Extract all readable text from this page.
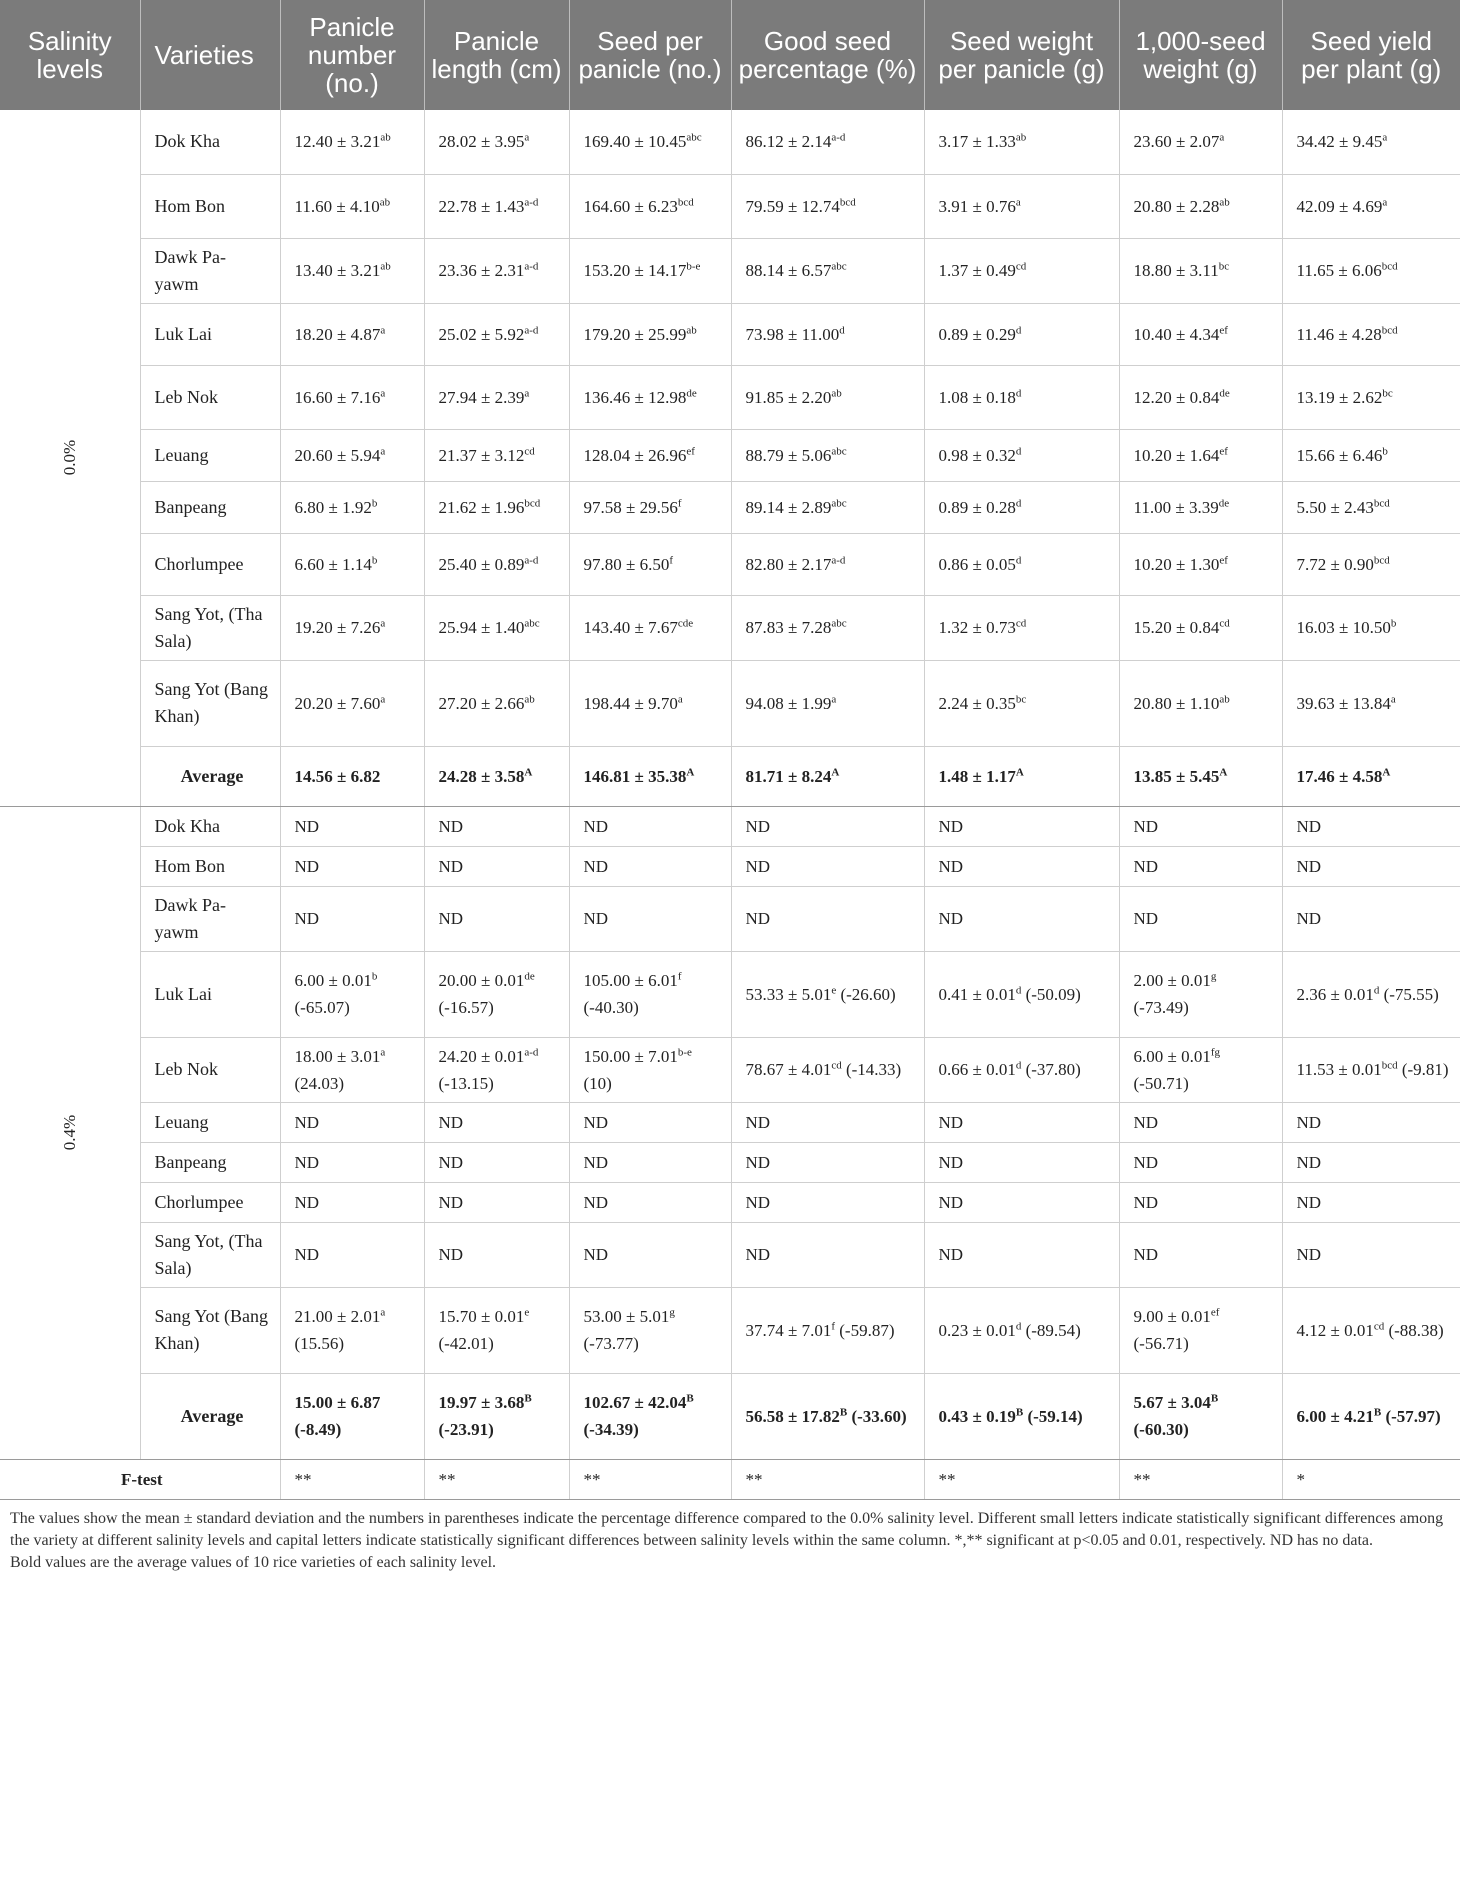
Salinity levels	Varieties	Panicle number (no.)	Panicle length (cm)	Seed per panicle (no.)	Good seed percentage (%)	Seed weight per panicle (g)	1,000-seed weight (g)	Seed yield per plant (g)
0.0%	Dok Kha	12.40 ± 3.21$^{ab}$	28.02 ± 3.95$^a$	169.40 ± 10.45$^{abc}$	$86.12 \pm 2.14^{a-d}$	3.17 ± 1.33$^{ab}$	23.60 ± 2.07$^a$	34.42 ± 9.45$^a$
	Hom Bon	11.60 ± 4.10$^{ab}$	$22.78 \pm 1.43^{a-d}$	164.60 ± 6.23$^{bcd}$	79.59 ± 12.74$^{bcd}$	3.91 ± 0.76$^a$	20.80 ± 2.28$^{ab}$	42.09 ± 4.69$^a$
	Dawk Pa-yawm	13.40 ± 3.21$^{ab}$	$23.36 \pm 2.31^{a-d}$	$153.20 \pm 14.17^{b-e}$	88.14 ± 6.57$^{abc}$	1.37 ± 0.49$^{cd}$	18.80 ± 3.11$^{bc}$	11.65 ± 6.06$^{bcd}$
	Luk Lai	18.20 ± 4.87$^a$	$25.02 \pm 5.92^{a-d}$	179.20 ± 25.99$^{ab}$	73.98 ± 11.00$^d$	0.89 ± 0.29$^d$	10.40 ± 4.34$^{ef}$	11.46 ± 4.28$^{bcd}$
	Leb Nok	16.60 ± 7.16$^a$	27.94 ± 2.39$^a$	136.46 ± 12.98de	91.85 ± 2.20$^{ab}$	1.08 ± 0.18$^d$	12.20 ± 0.84de	13.19 ± 2.62$^{bc}$
	Leuang	20.60 ± 5.94$^a$	21.37 ± 3.12$^{cd}$	128.04 ± 26.96$^{ef}$	88.79 ± 5.06$^{abc}$	0.98 ± 0.32$^d$	10.20 ± 1.64$^{ef}$	15.66 ± 6.46$^b$
	Banpeang	6.80 ± 1.92$^b$	21.62 ± 1.96$^{bcd}$	97.58 ± 29.56$^f$	89.14 ± 2.89$^{abc}$	0.89 ± 0.28$^d$	11.00 ± 3.39de	5.50 ± 2.43$^{bcd}$
	Chorlumpee	6.60 ± 1.14$^b$	$25.40 \pm 0.89^{a-d}$	97.80 ± 6.50$^f$	$82.80 \pm 2.17^{a-d}$	0.86 ± 0.05$^d$	10.20 ± 1.30$^{ef}$	7.72 ± 0.90$^{bcd}$
	Sang Yot, (Tha Sala)	19.20 ± 7.26$^a$	25.94 ± 1.40$^{abc}$	143.40 ± 7.67$^{cde}$	87.83 ± 7.28$^{abc}$	1.32 ± 0.73$^{cd}$	15.20 ± 0.84$^{cd}$	16.03 ± 10.50$^b$
	Sang Yot (Bang Khan)	20.20 ± 7.60$^a$	27.20 ± 2.66$^{ab}$	198.44 ± 9.70$^a$	94.08 ± 1.99$^a$	2.24 ± 0.35$^{bc}$	20.80 ± 1.10$^{ab}$	39.63 ± 13.84$^a$
	Average	14.56 ± 6.82	$24.28 \pm 3.58^A$	$146.81 \pm 35.38^A$	$81.71 \pm 8.24^A$	$1.48 \pm 1.17^A$	$13.85 \pm 5.45^A$	$17.46 \pm 4.58^A$
0.4%	Dok Kha	ND	ND	ND	ND	ND	ND	ND
	Hom Bon	ND	ND	ND	ND	ND	ND	ND
	Dawk Pa-yawm	ND	ND	ND	ND	ND	ND	ND
	Luk Lai	6.00 ± 0.01$^b$ (-65.07)	20.00 ± 0.01de (-16.57)	105.00 ± 6.01$^f$ (-40.30)	53.33 ± 5.01$^e$ (-26.60)	0.41 ± 0.01$^d$ (-50.09)	2.00 ± 0.01$^g$ (-73.49)	2.36 ± 0.01$^d$ (-75.55)
	Leb Nok	18.00 ± 3.01$^a$ (24.03)	$24.20 \pm 0.01^{a-d}$ (-13.15)	$150.00 \pm 7.01^{b-e}$ (10)	78.67 ± 4.01$^{cd}$ (-14.33)	0.66 ± 0.01$^d$ (-37.80)	6.00 ± 0.01$^{fg}$ (-50.71)	11.53 ± 0.01$^{bcd}$ (-9.81)
	Leuang	ND	ND	ND	ND	ND	ND	ND
	Banpeang	ND	ND	ND	ND	ND	ND	ND
	Chorlumpee	ND	ND	ND	ND	ND	ND	ND
	Sang Yot, (Tha Sala)	ND	ND	ND	ND	ND	ND	ND
	Sang Yot (Bang Khan)	21.00 ± 2.01$^a$ (15.56)	15.70 ± 0.01$^e$ (-42.01)	53.00 ± 5.01$^g$ (-73.77)	37.74 ± 7.01$^f$ (-59.87)	0.23 ± 0.01$^d$ (-89.54)	9.00 ± 0.01$^{ef}$ (-56.71)	4.12 ± 0.01$^{cd}$ (-88.38)
	Average	15.00 ± 6.87 (-8.49)	$19.97 \pm 3.68^B$ (-23.91)	$102.67 \pm 42.04^B$ (-34.39)	$56.58 \pm 17.82^B$ (-33.60)	$0.43 \pm 0.19^B$ (-59.14)	$5.67 \pm 3.04^B$ (-60.30)	$6.00 \pm 4.21^B$ (-57.97)
F-test		**	**	**	**	**	**	*
The values show the mean ± standard deviation and the numbers in parentheses indicate the percentage difference compared to the 0.0% salinity level. Different small letters indicate statistically significant differences among the variety at different salinity levels and capital letters indicate statistically significant differences between salinity levels within the same column. *,** significant at p<0.05 and 0.01, respectively. ND has no data.
Bold values are the average values of 10 rice varieties of each salinity level.
